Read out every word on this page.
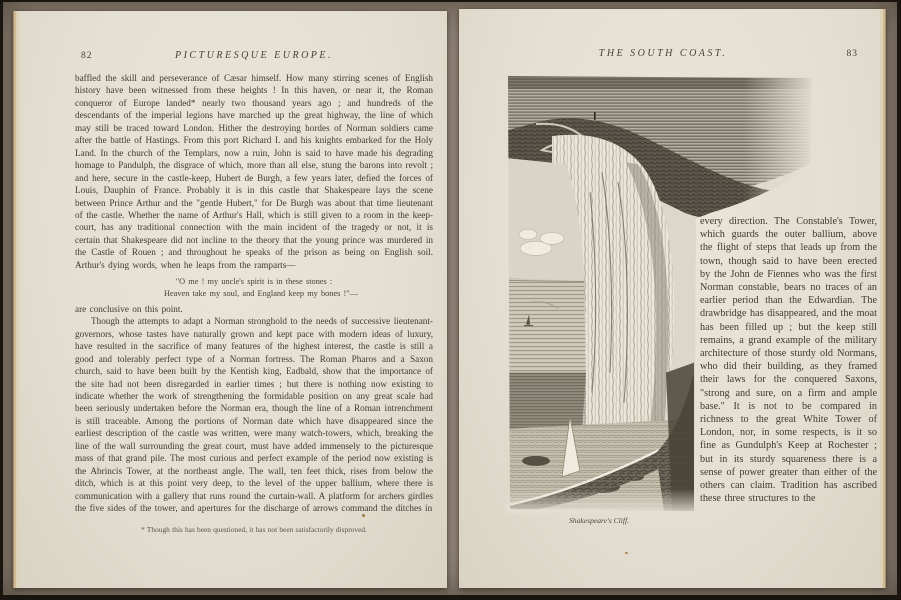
82	PICTURESQUE EUROPE.

baffled the skill and perseverance of Cæsar himself. How many stirring scenes of English history have been witnessed from these heights ! In this haven, or near it, the Roman conqueror of Europe landed* nearly two thousand years ago ; and hundreds of the descendants of the imperial legions have marched up the great highway, the line of which may still be traced toward London. Hither the destroying hordes of Norman soldiers came after the battle of Hastings. From this port Richard I. and his knights embarked for the Holy Land. In the church of the Templars, now a ruin, John is said to have made his degrading homage to Pandulph, the disgrace of which, more than all else, stung the barons into revolt ; and here, secure in the castle-keep, Hubert de Burgh, a few years later, defied the forces of Louis, Dauphin of France. Probably it is in this castle that Shakespeare lays the scene between Prince Arthur and the "gentle Hubert," for De Burgh was about that time lieutenant of the castle. Whether the name of Arthur's Hall, which is still given to a room in the keep-court, has any traditional connection with the main incident of the tragedy or not, it is certain that Shakespeare did not incline to the theory that the young prince was murdered in the Castle of Rouen ; and throughout he speaks of the prison as being on English soil. Arthur's dying words, when he leaps from the ramparts—

"O me ! my uncle's spirit is in these stones :
Heaven take my soul, and England keep my bones !"—

are conclusive on this point.

Though the attempts to adapt a Norman stronghold to the needs of successive lieutenant-governors, whose tastes have naturally grown and kept pace with modern ideas of luxury, have resulted in the sacrifice of many features of the highest interest, the castle is still a good and tolerably perfect type of a Norman fortress. The Roman Pharos and a Saxon church, said to have been built by the Kentish king, Eadbald, show that the importance of the site had not been disregarded in earlier times ; but there is nothing now existing to indicate whether the work of strengthening the formidable position on any great scale had been seriously undertaken before the Norman era, though the line of a Roman intrenchment is still traceable. Among the portions of Norman date which have disappeared since the earliest description of the castle was written, were many watch-towers, which, breaking the line of the wall surrounding the great court, must have added immensely to the picturesque mass of that grand pile. The most curious and perfect example of the period now existing is the Abrincis Tower, at the northeast angle. The wall, ten feet thick, rises from below the ditch, which is at this point very deep, to the level of the upper ballium, where there is communication with a gallery that runs round the curtain-wall. A platform for archers girdles the five sides of the tower, and apertures for the discharge of arrows command the ditches in

* Though this has been questioned, it has not been satisfactorily disproved.
THE SOUTH COAST.	83
Shakespeare's Cliff.

every direction. The Constable's Tower, which guards the outer ballium, above the flight of steps that leads up from the town, though said to have been erected by the John de Fiennes who was the first Norman constable, bears no traces of an earlier period than the Edwardian. The drawbridge has disappeared, and the moat has been filled up ; but the keep still remains, a grand example of the military architecture of those sturdy old Normans, who did their building, as they framed their laws for the conquered Saxons, "strong and sure, on a firm and ample base." It is not to be compared in richness to the great White Tower of London, nor, in some respects, is it so fine as Gundulph's Keep at Rochester ; but in its sturdy squareness there is a sense of power greater than either of the others can claim. Tradition has ascribed these three structures to the
